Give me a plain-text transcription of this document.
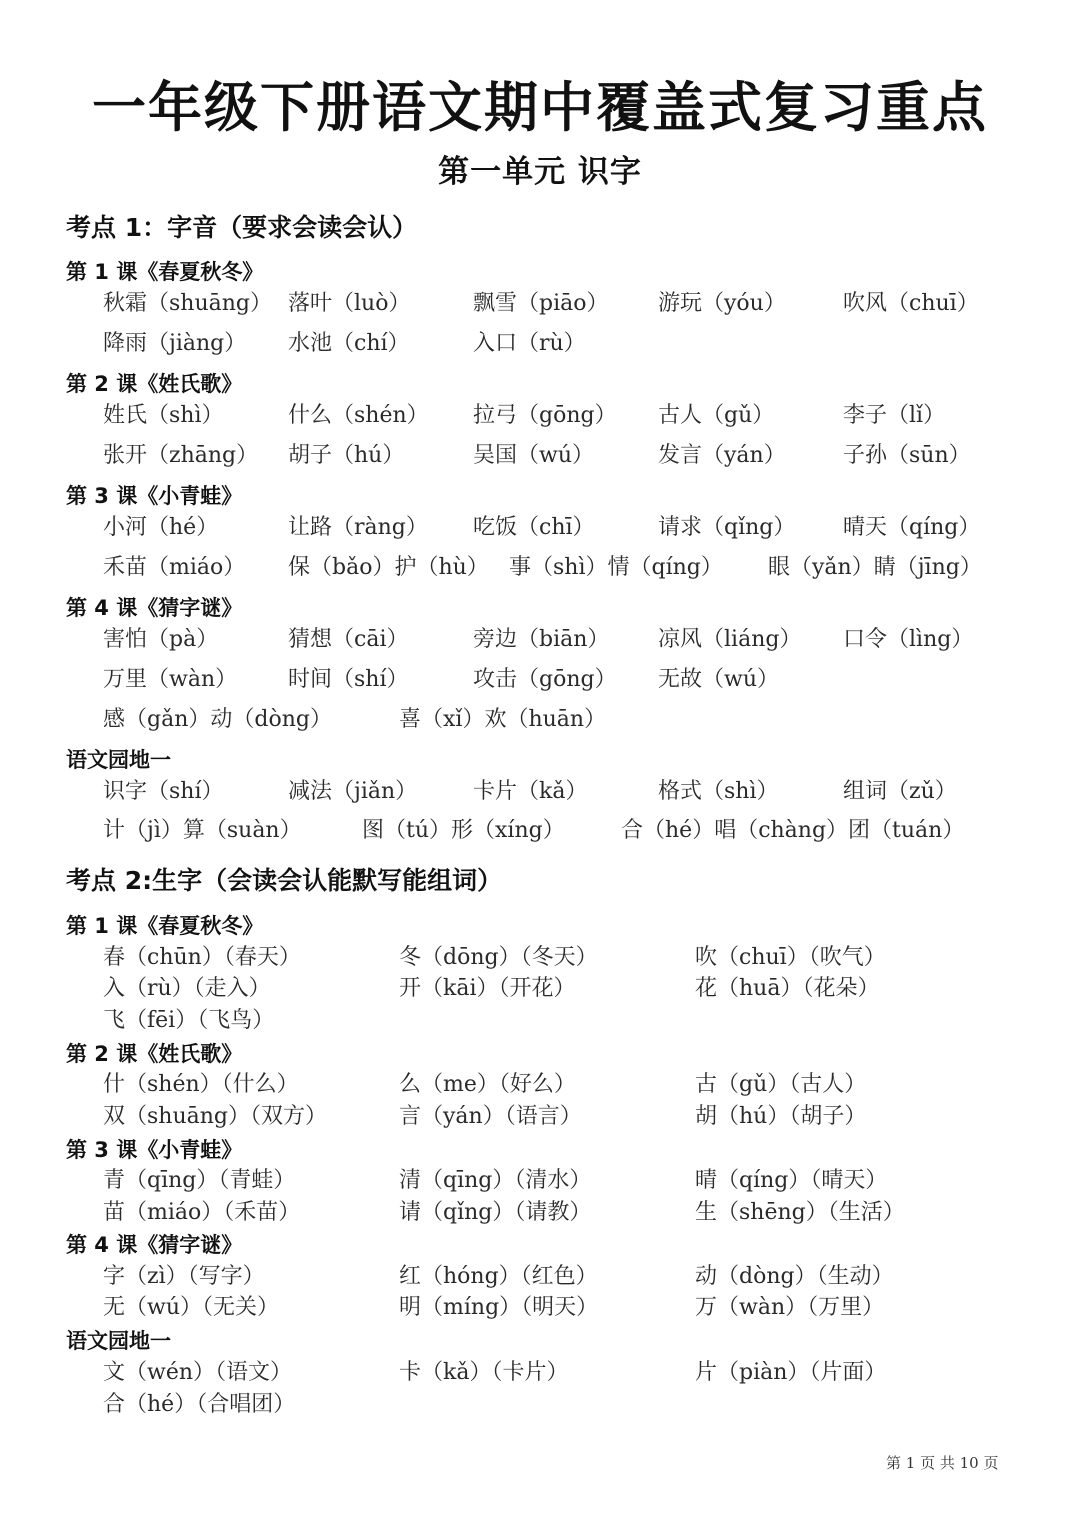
一年级下册语文期中覆盖式复习重点
第一单元 识字
考点 1：字音（要求会读会认）
第 1 课《春夏秋冬》
秋霜（shuāng） 落叶（luò）	飘雪（piāo） 游玩（yóu）	吹风（chuī）
降雨（jiàng） 水池（chí）	入口（rù）
第 2 课《姓氏歌》
姓氏（shì）	什么（shén） 拉弓（gōng） 古人（gǔ）	李子（lǐ）
张开（zhāng） 胡子（hú）	吴国（wú）	发言（yán）	子孙（sūn）
第 3 课《小青蛙》
小河（hé）	让路（ràng） 吃饭（chī）	请求（qǐng） 晴天（qíng）
禾苗（miáo） 保（bǎo）护（hù） 事（shì）情（qíng） 眼（yǎn）睛（jīng）
第 4 课《猜字谜》
害怕（pà）	猜想（cāi）	旁边（biān） 凉风（liáng） 口令（lìng）
万里（wàn） 时间（shí）	攻击（gōng） 无故（wú）
感（gǎn）动（dòng）	喜（xǐ）欢（huān）
语文园地一
识字（shí）	减法（jiǎn）	卡片（kǎ）	格式（shì）	组词（zǔ）
计（jì）算（suàn）	图（tú）形（xíng）	合（hé）唱（chàng）团（tuán）
考点 2:生字（会读会认能默写能组词）
第 1 课《春夏秋冬》
春（chūn）（春天）	冬（dōng）（冬天）	吹（chuī）（吹气）
入（rù）（走入）	开（kāi）（开花）	花（huā）（花朵）
飞（fēi）（飞鸟）
第 2 课《姓氏歌》
什（shén）（什么）	么（me）（好么）	古（gǔ）（古人）
双（shuāng）（双方）	言（yán）（语言）	胡（hú）（胡子）
第 3 课《小青蛙》
青（qīng）（青蛙）	清（qīng）（清水）	晴（qíng）（晴天）
苗（miáo）（禾苗）	请（qǐng）（请教）	生（shēng）（生活）
第 4 课《猜字谜》
字（zì）（写字）	红（hóng）（红色）	动（dòng）（生动）
无（wú）（无关）	明（míng）（明天）	万（wàn）（万里）
语文园地一
文（wén）（语文）	卡（kǎ）（卡片）	片（piàn）（片面）
合（hé）（合唱团）
第 1 页 共 10 页
